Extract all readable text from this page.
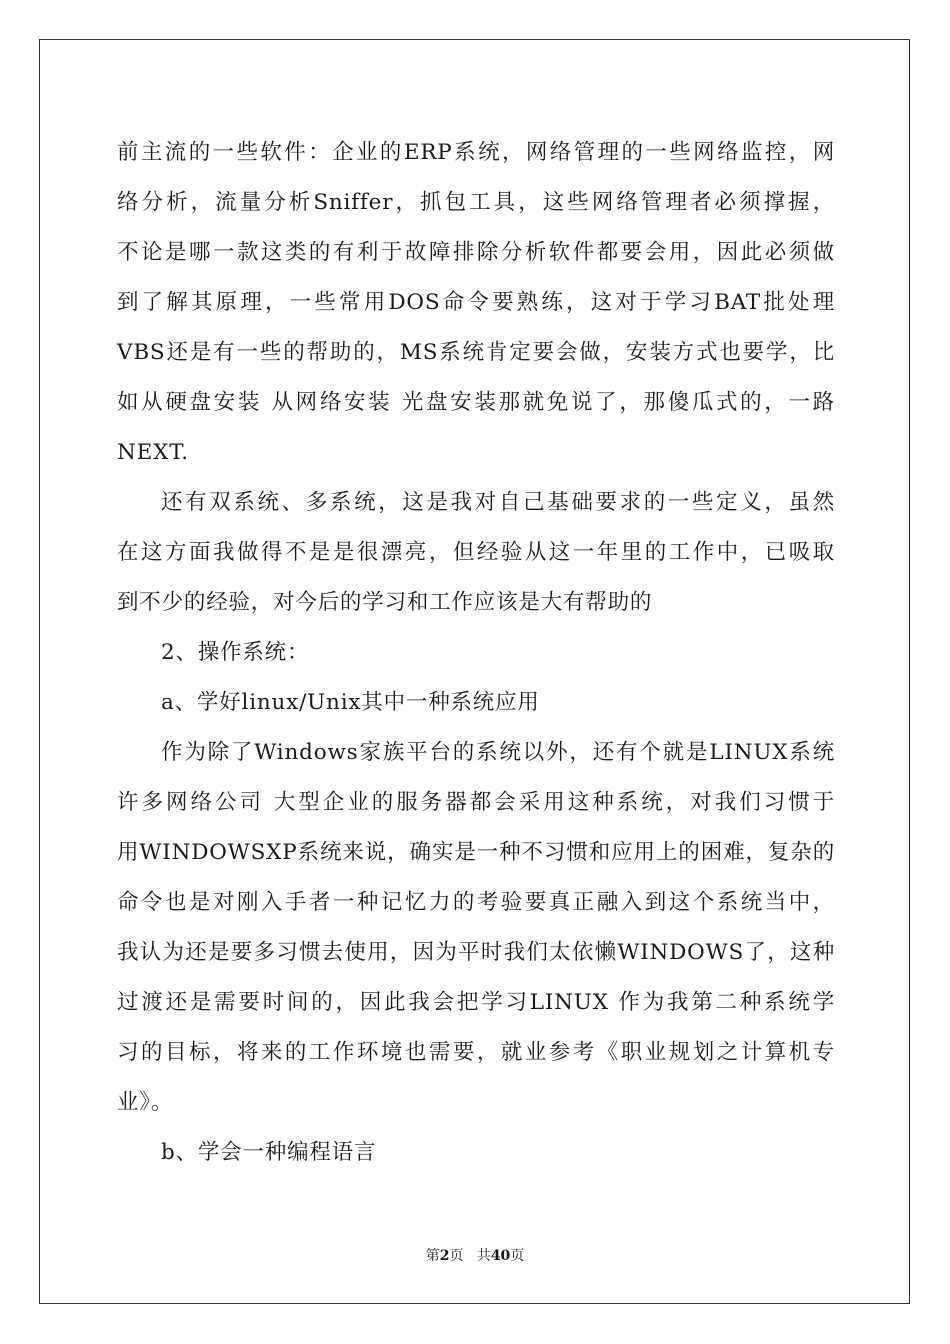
前主流的一些软件：企业的ERP系统，网络管理的一些网络监控，网
络分析，流量分析Sniffer，抓包工具，这些网络管理者必须撑握，
不论是哪一款这类的有利于故障排除分析软件都要会用，因此必须做
到了解其原理，一些常用DOS命令要熟练，这对于学习BAT批处理
VBS还是有一些的帮助的，MS系统肯定要会做，安装方式也要学，比
如从硬盘安装 从网络安装 光盘安装那就免说了，那傻瓜式的，一路
NEXT.

还有双系统、多系统，这是我对自己基础要求的一些定义，虽然
在这方面我做得不是是很漂亮，但经验从这一年里的工作中，已吸取
到不少的经验，对今后的学习和工作应该是大有帮助的

2、操作系统：

a、学好linux/Unix其中一种系统应用

作为除了Windows家族平台的系统以外，还有个就是LINUX系统
许多网络公司 大型企业的服务器都会采用这种系统，对我们习惯于
用WINDOWSXP系统来说，确实是一种不习惯和应用上的困难，复杂的
命令也是对刚入手者一种记忆力的考验要真正融入到这个系统当中，
我认为还是要多习惯去使用，因为平时我们太依懒WINDOWS了，这种
过渡还是需要时间的，因此我会把学习LINUX 作为我第二种系统学
习的目标，将来的工作环境也需要，就业参考《职业规划之计算机专
业》。

b、学会一种编程语言

第2页 共40页
